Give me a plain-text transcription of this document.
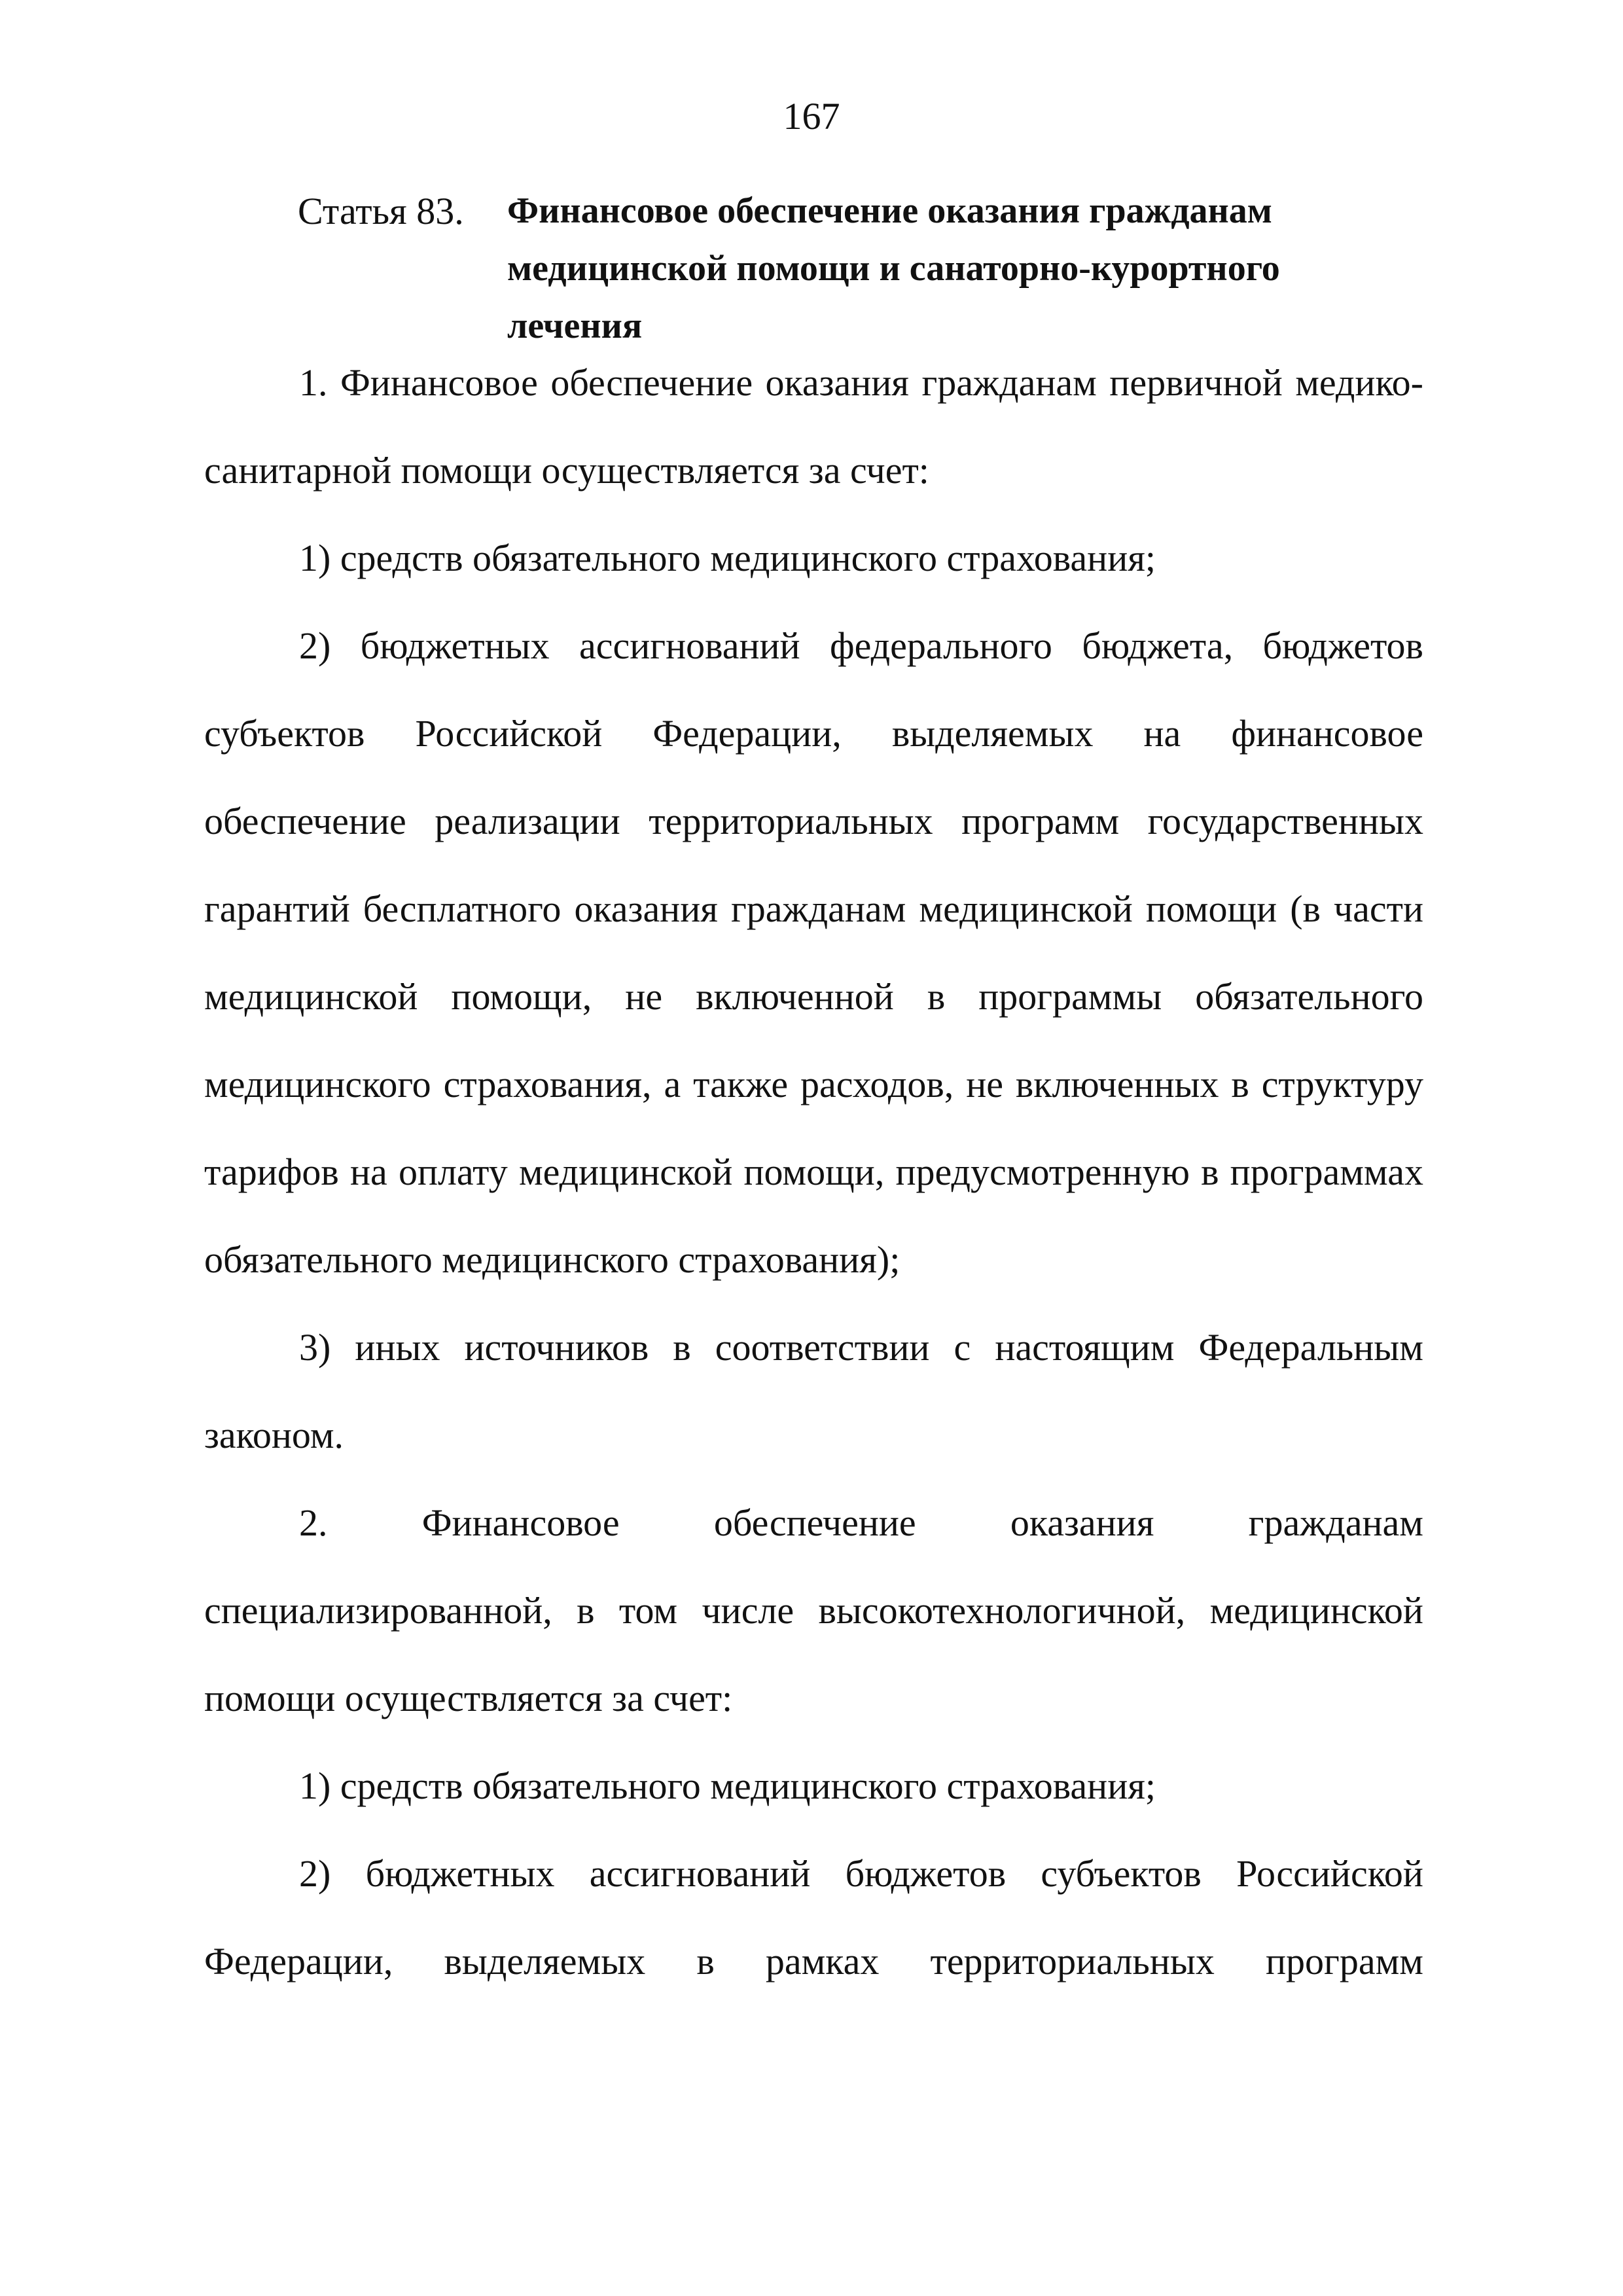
167
Статья 83. Финансовое обеспечение оказания гражданам
медицинской помощи и санаторно-курортного
лечения
1. Финансовое обеспечение оказания гражданам первичной медико-
санитарной помощи осуществляется за счет:
1) средств обязательного медицинского страхования;
2) бюджетных ассигнований федерального бюджета, бюджетов
субъектов Российской Федерации, выделяемых на финансовое
обеспечение реализации территориальных программ государственных
гарантий бесплатного оказания гражданам медицинской помощи (в части
медицинской помощи, не включенной в программы обязательного
медицинского страхования, а также расходов, не включенных в структуру
тарифов на оплату медицинской помощи, предусмотренную в программах
обязательного медицинского страхования);
3) иных источников в соответствии с настоящим Федеральным
законом.
2. Финансовое обеспечение оказания гражданам
специализированной, в том числе высокотехнологичной, медицинской
помощи осуществляется за счет:
1) средств обязательного медицинского страхования;
2) бюджетных ассигнований бюджетов субъектов Российской
Федерации, выделяемых в рамках территориальных программ
